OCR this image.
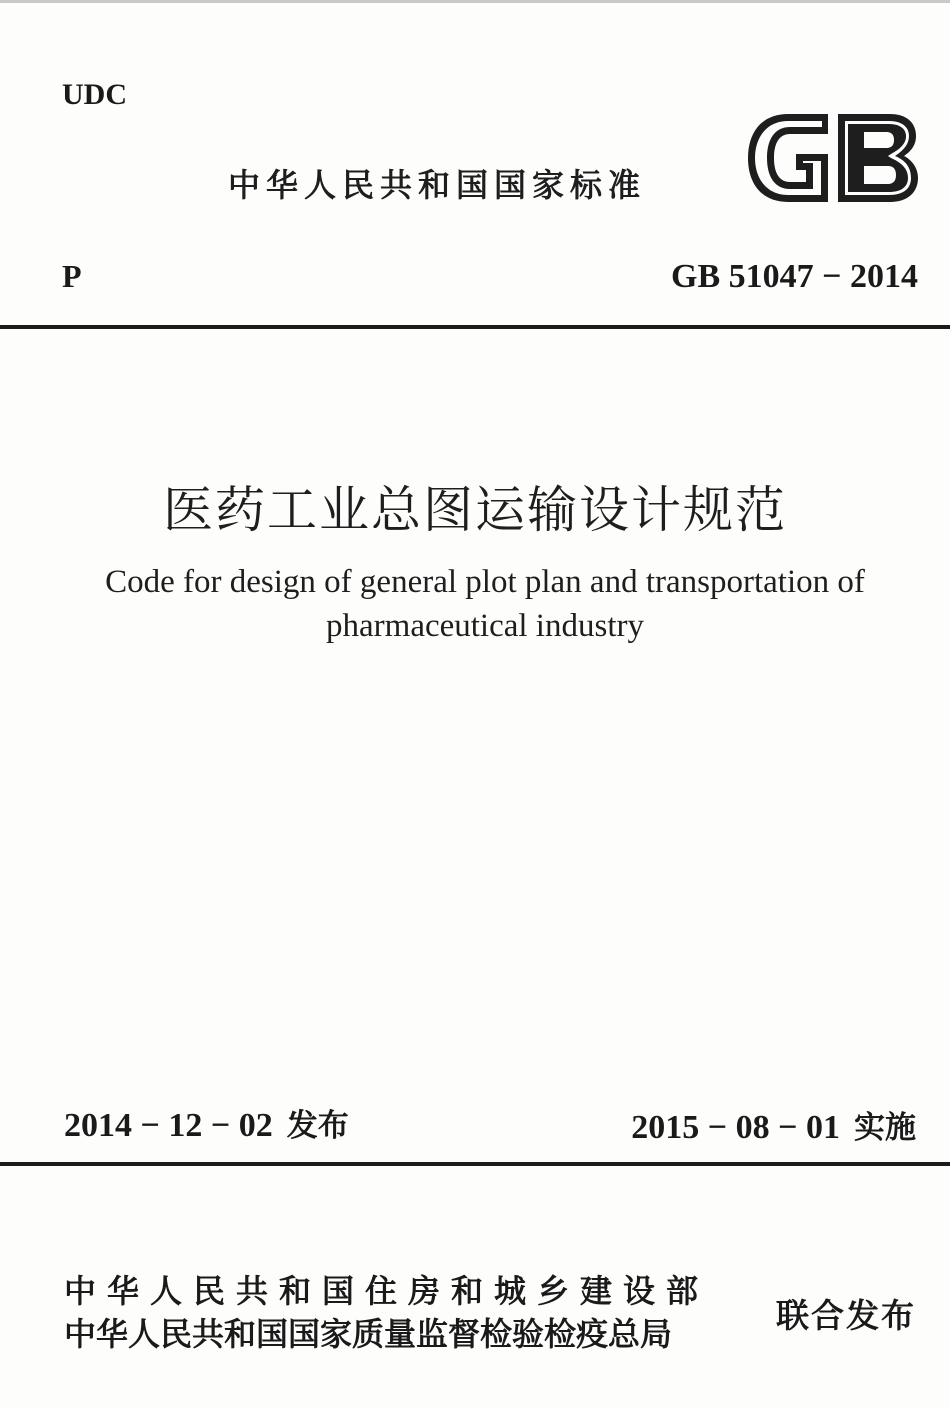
UDC
中华人民共和国国家标准
P	GB 51047 − 2014
医药工业总图运输设计规范
Code for design of general plot plan and transportation of
pharmaceutical industry
2014 − 12 − 02 发布	2015 − 08 − 01 实施
中华人民共和国住房和城乡建设部
中华人民共和国国家质量监督检验检疫总局	联合发布
